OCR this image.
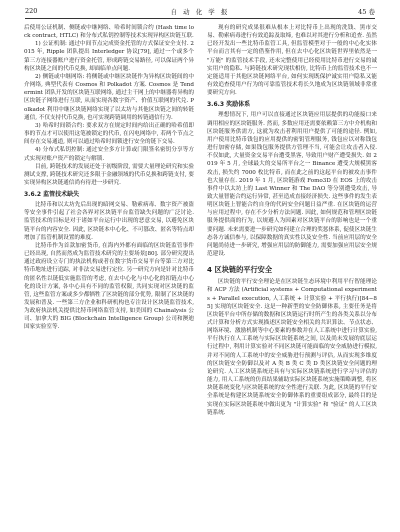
220	自 动 化 学 报	45 卷

后使用公证机制、侧链或中继网络、哈希时间锁合约 (Hash time lock contract, HTLC) 和分布式私钥控制等技术实现异构区块链互联.

1) 公证机制: 通过中间节点完成资金托管的方式保证安全支付. 2015 年, Ripple 团队提出 Interledger 协议[79], 通过一个或多个第三方连接器账户进行资金托管, 形成跨链交易路径, 可以保证两个异构区块链之间的代币兑换, 却面临单点问题.

2) 侧链或中继网络: 将侧链或中继区块链作为异构区块链间的中介网络, 典型代表有 Cosmos 和 Polkadot 方案. Cosmos 是 Tendermint 团队开发的区块链互联网络, 通过主干网上的中继器将异构的区块链子网络进行互联, 从而实现各数字资产、价值互联网的代兑. Polkadot 利用中继区块链网络实现了以太坊与其他区块链之间的转链通信, 不仅支持代币兑换, 也可实现跨链调用的转链通信行为.

3) 哈希时间锁合约: 要求双方在规定时间内给出正确的哈希值即事的节点才可以使用这笔被锁定的代币, 在闪电网络中, 若两个节点之间存在交易通道, 则可以通过哈希时间锁进行安全的链下交易.

4) 分布式私钥控制: 通过安全多方计算或门限签名密钥分享等方式实现对账户资产的锁定与解锁.

目前, 跨链技术的发展还处于初级阶段, 需要大量理论研究和实验测试支撑, 跨链技术研究还多限于金融领域的代币兑换和跨链支付, 要实现异构区块链通信尚有待进一步研究.

3.6.2 监管技术缺失

比特币和以太坊先后出现的暗网交易、勒索病毒、数字资产被盗等安全事件引起了社会各界对区块链平台监管缺失问题的广泛讨论. 监管技术的目标是对于诸如平台运行中出现的恶意交易, 以避免区块链平台的内容安全. 因此, 区块链本中心化、不可篡改、匿名等特点却增加了监管机制设置的难度.

比特币作为首款加密货币, 在海内外都有面临的区块链监管事件已经出现, 自然而然成为监管技术研究的主要场景[80]. 部分研究提出通过政府设立专门的执法机构或者在数字货币交易平台等第三方对比特币地址进行追踪, 对非法交易进行定位. 另一研究方向是针对比特币的匿名性以链低实施监管的考虑, 在去中心化与中心化的扣链点中心化的设计方案, 各中心具有不同的监管权限, 共同实现对区块链的监管, 这些监管方案或多少都牺牲了区块链的部分优势, 限制了区块链的发展和普及. 一些第三方企业和科研机构也专注设计区块链监管技术, 为政府执法机关提供比特币网络监管支持, 如美国的 Chainalysis 公司、加拿大的 BIG (Blockchain Intelligence Group) 公司和澳迪国家实验室等.

现有的研究成果很难从根本上对比特币上出现的洗钱、黑市交易、勒索病毒进行有效追踪及取缔, 也难以对其进行分析和追查. 虽然已经开发出一些比特币监管工具, 但监管模型对于一般的中心化实体平台而言其有一定的借鉴作用, 但在去中心化区块链世界里依然是一 "万能" 的监管技术手段, 还未完整使用已经使用比特币进行交易的诚实用户的隐私. 与跨链技术研究现状相仿, 比特币上的监管技术也不一定能适用于其他区块链网络平台, 如何实现既保护诚实用户隐私又能有效追查使用户行为的可靠监管技术将长久地成为区块链领域非常重要研究方向.

3.6.3 奖励体系

理想情况下, 用户可以直接通过区块链应用层提供的功能接口来调用相应的区块链服务. 然而, 多数应用还需要依赖第三方中介机构和区块链服务供需方, 这就为攻击者利用用户提供了可能的途径. 例如, 用户使用比特币钱包的应用提供的密钥管理服务, 钱包应以对称钱包进行加密存储, 如果钱包服务提供方管理不当, 可能会让攻击者入侵. 不仅如此, 大量资金交易平台遭受黑客, 导致用户财产遭受损失. 如 2019 年 5 月, 全球最大的交易所平台之一 Binance 遭受大规模黑客攻击, 损失约 7000 枚比特币, 而在此之前的这起平台的被攻击事件也大量存在. 2019 年 1 月, 区块链游戏 Fomo3D 在 EOS 上的攻击事件中以太坊上的 Last Winner 和 The DAO 等分别遭受攻击, 导致大量智能合约运行异常, 甚至造成直接经济损失. 这些事件的发生表明区块链上智能合约自身的代码安全问题日益严重. 在区块链的运营与应用过程中, 存在不少分析方法问题. 因此, 如何规范和管理区块链服务提供商的行为, 以规避人为因素对区块链平台的影响也是一个重要问题. 未来需要进一步研究如何建立合理的奖惩体系, 促使区块链生态各方诚信参与, 以保障数据的真实性以及安全性. 当前应用层的安全问题尚待进一步研究, 增强应用层的防御能力, 需要加强应用层安全规范建设.

4 区块链的平行安全

区块链的平行安全理论是在区块链生态环境中利用平行智能理论和 ACP 方法 (Artificial systems + Computational experiments + Parallel execution, 人工系统 + 计算实验 + 平行执行)[84−85] 实现的区块链安全. 这是一种新型的安全防御体系, 主要任务是将区块链平台中所存储的数据和区块链运行时所产生的各类关系以分布式计算和分析方式实现描述区块链安全相关的共识算法、节点状态、网络环境、激励机制等中心要素的参数并在人工系统中进行计算实验, 平行执行在人工系统与实际区块链系统之间, 以及尚未发展的底层运行过程中, 利用计算实验对不同区块链可能面临的安全威胁进行模拟, 并对不同的人工系统中的安全威胁进行预测与评估, 从而实现多维度的区块链安全防御以及对 A 类 B 类 C 类 D 类区块链安全问题的理论研究. 人工区块链系统还具有与实际区块链系统进行学习与评估的能力, 用人工系统的仿真结果辅助实际区块链系统实施策略调整, 将区块链系统变化与区块链系统的安全性进行关联. 为此, 区块链的平行安全系统是构建区块链系统安全防御体系的重要组成部分, 最终目的是实现在实际区块链系统中做出更为 "计算实验" 和 "验证" 的人工区块链系统.
